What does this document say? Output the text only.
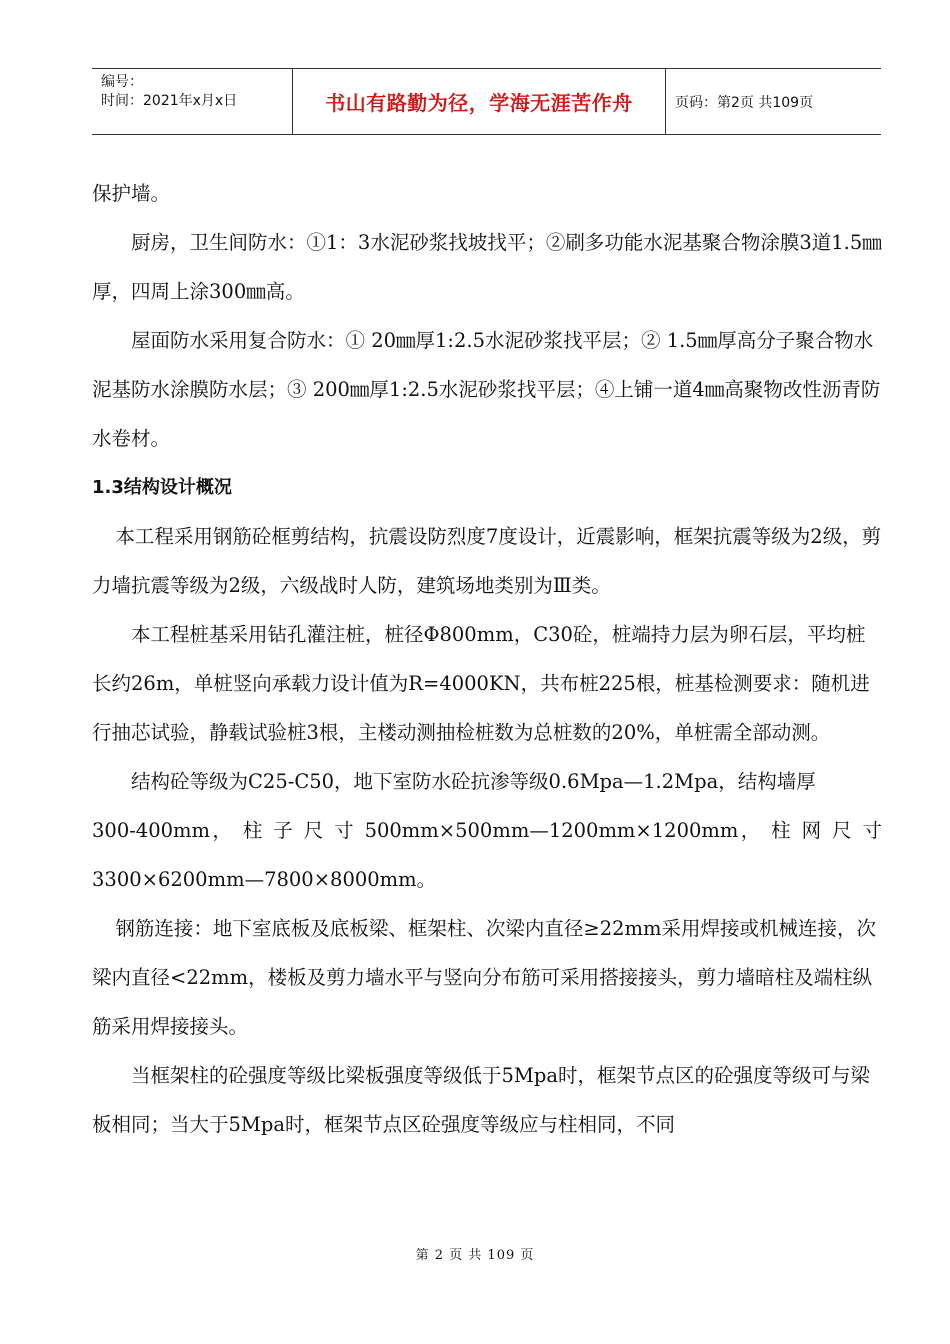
编号：
时间：2021年x月x日	书山有路勤为径，学海无涯苦作舟	页码：第2页 共109页

保护墙。

厨房，卫生间防水：①1：3水泥砂浆找坡找平；②刷多功能水泥基聚合物涂膜3道1.5㎜厚，四周上涂300㎜高。

屋面防水采用复合防水：① 20㎜厚1:2.5水泥砂浆找平层；② 1.5㎜厚高分子聚合物水泥基防水涂膜防水层；③ 200㎜厚1:2.5水泥砂浆找平层；④上铺一道4㎜高聚物改性沥青防水卷材。

1.3结构设计概况

本工程采用钢筋砼框剪结构，抗震设防烈度7度设计，近震影响，框架抗震等级为2级，剪力墙抗震等级为2级，六级战时人防，建筑场地类别为Ⅲ类。

本工程桩基采用钻孔灌注桩，桩径Φ800mm，C30砼，桩端持力层为卵石层，平均桩长约26m，单桩竖向承载力设计值为R=4000KN，共布桩225根，桩基检测要求：随机进行抽芯试验，静载试验桩3根，主楼动测抽检桩数为总桩数的20%，单桩需全部动测。

结构砼等级为C25-C50，地下室防水砼抗渗等级0.6Mpa—1.2Mpa，结构墙厚

300-400mm， 柱 子 尺 寸 500mm×500mm—1200mm×1200mm， 柱 网 尺 寸

3300×6200mm—7800×8000mm。

钢筋连接：地下室底板及底板梁、框架柱、次梁内直径≥22mm采用焊接或机械连接，次梁内直径<22mm，楼板及剪力墙水平与竖向分布筋可采用搭接接头，剪力墙暗柱及端柱纵筋采用焊接接头。

当框架柱的砼强度等级比梁板强度等级低于5Mpa时，框架节点区的砼强度等级可与梁板相同；当大于5Mpa时，框架节点区砼强度等级应与柱相同，不同

第 2 页 共 109 页
